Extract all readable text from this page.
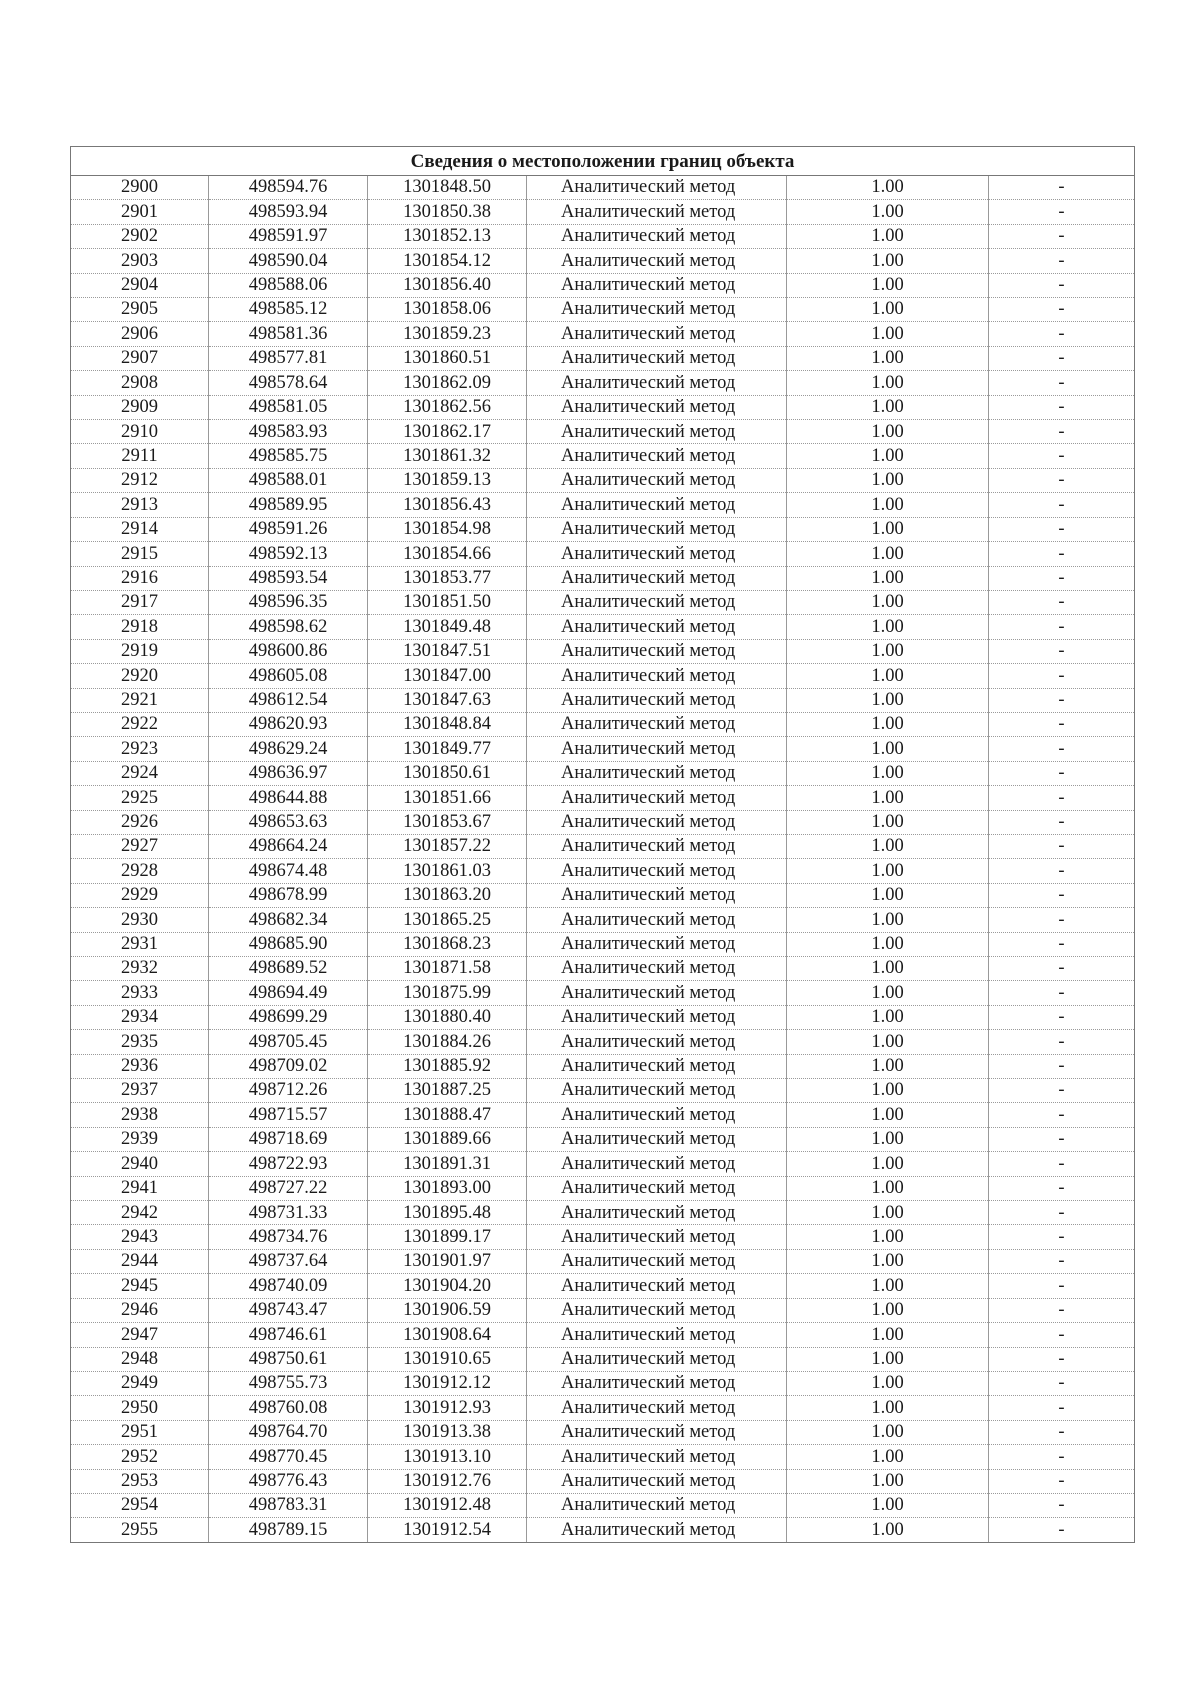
Сведения о местоположении границ объекта					
2900	498594.76	1301848.50	Аналитический метод	1.00	-
2901	498593.94	1301850.38	Аналитический метод	1.00	-
2902	498591.97	1301852.13	Аналитический метод	1.00	-
2903	498590.04	1301854.12	Аналитический метод	1.00	-
2904	498588.06	1301856.40	Аналитический метод	1.00	-
2905	498585.12	1301858.06	Аналитический метод	1.00	-
2906	498581.36	1301859.23	Аналитический метод	1.00	-
2907	498577.81	1301860.51	Аналитический метод	1.00	-
2908	498578.64	1301862.09	Аналитический метод	1.00	-
2909	498581.05	1301862.56	Аналитический метод	1.00	-
2910	498583.93	1301862.17	Аналитический метод	1.00	-
2911	498585.75	1301861.32	Аналитический метод	1.00	-
2912	498588.01	1301859.13	Аналитический метод	1.00	-
2913	498589.95	1301856.43	Аналитический метод	1.00	-
2914	498591.26	1301854.98	Аналитический метод	1.00	-
2915	498592.13	1301854.66	Аналитический метод	1.00	-
2916	498593.54	1301853.77	Аналитический метод	1.00	-
2917	498596.35	1301851.50	Аналитический метод	1.00	-
2918	498598.62	1301849.48	Аналитический метод	1.00	-
2919	498600.86	1301847.51	Аналитический метод	1.00	-
2920	498605.08	1301847.00	Аналитический метод	1.00	-
2921	498612.54	1301847.63	Аналитический метод	1.00	-
2922	498620.93	1301848.84	Аналитический метод	1.00	-
2923	498629.24	1301849.77	Аналитический метод	1.00	-
2924	498636.97	1301850.61	Аналитический метод	1.00	-
2925	498644.88	1301851.66	Аналитический метод	1.00	-
2926	498653.63	1301853.67	Аналитический метод	1.00	-
2927	498664.24	1301857.22	Аналитический метод	1.00	-
2928	498674.48	1301861.03	Аналитический метод	1.00	-
2929	498678.99	1301863.20	Аналитический метод	1.00	-
2930	498682.34	1301865.25	Аналитический метод	1.00	-
2931	498685.90	1301868.23	Аналитический метод	1.00	-
2932	498689.52	1301871.58	Аналитический метод	1.00	-
2933	498694.49	1301875.99	Аналитический метод	1.00	-
2934	498699.29	1301880.40	Аналитический метод	1.00	-
2935	498705.45	1301884.26	Аналитический метод	1.00	-
2936	498709.02	1301885.92	Аналитический метод	1.00	-
2937	498712.26	1301887.25	Аналитический метод	1.00	-
2938	498715.57	1301888.47	Аналитический метод	1.00	-
2939	498718.69	1301889.66	Аналитический метод	1.00	-
2940	498722.93	1301891.31	Аналитический метод	1.00	-
2941	498727.22	1301893.00	Аналитический метод	1.00	-
2942	498731.33	1301895.48	Аналитический метод	1.00	-
2943	498734.76	1301899.17	Аналитический метод	1.00	-
2944	498737.64	1301901.97	Аналитический метод	1.00	-
2945	498740.09	1301904.20	Аналитический метод	1.00	-
2946	498743.47	1301906.59	Аналитический метод	1.00	-
2947	498746.61	1301908.64	Аналитический метод	1.00	-
2948	498750.61	1301910.65	Аналитический метод	1.00	-
2949	498755.73	1301912.12	Аналитический метод	1.00	-
2950	498760.08	1301912.93	Аналитический метод	1.00	-
2951	498764.70	1301913.38	Аналитический метод	1.00	-
2952	498770.45	1301913.10	Аналитический метод	1.00	-
2953	498776.43	1301912.76	Аналитический метод	1.00	-
2954	498783.31	1301912.48	Аналитический метод	1.00	-
2955	498789.15	1301912.54	Аналитический метод	1.00	-
